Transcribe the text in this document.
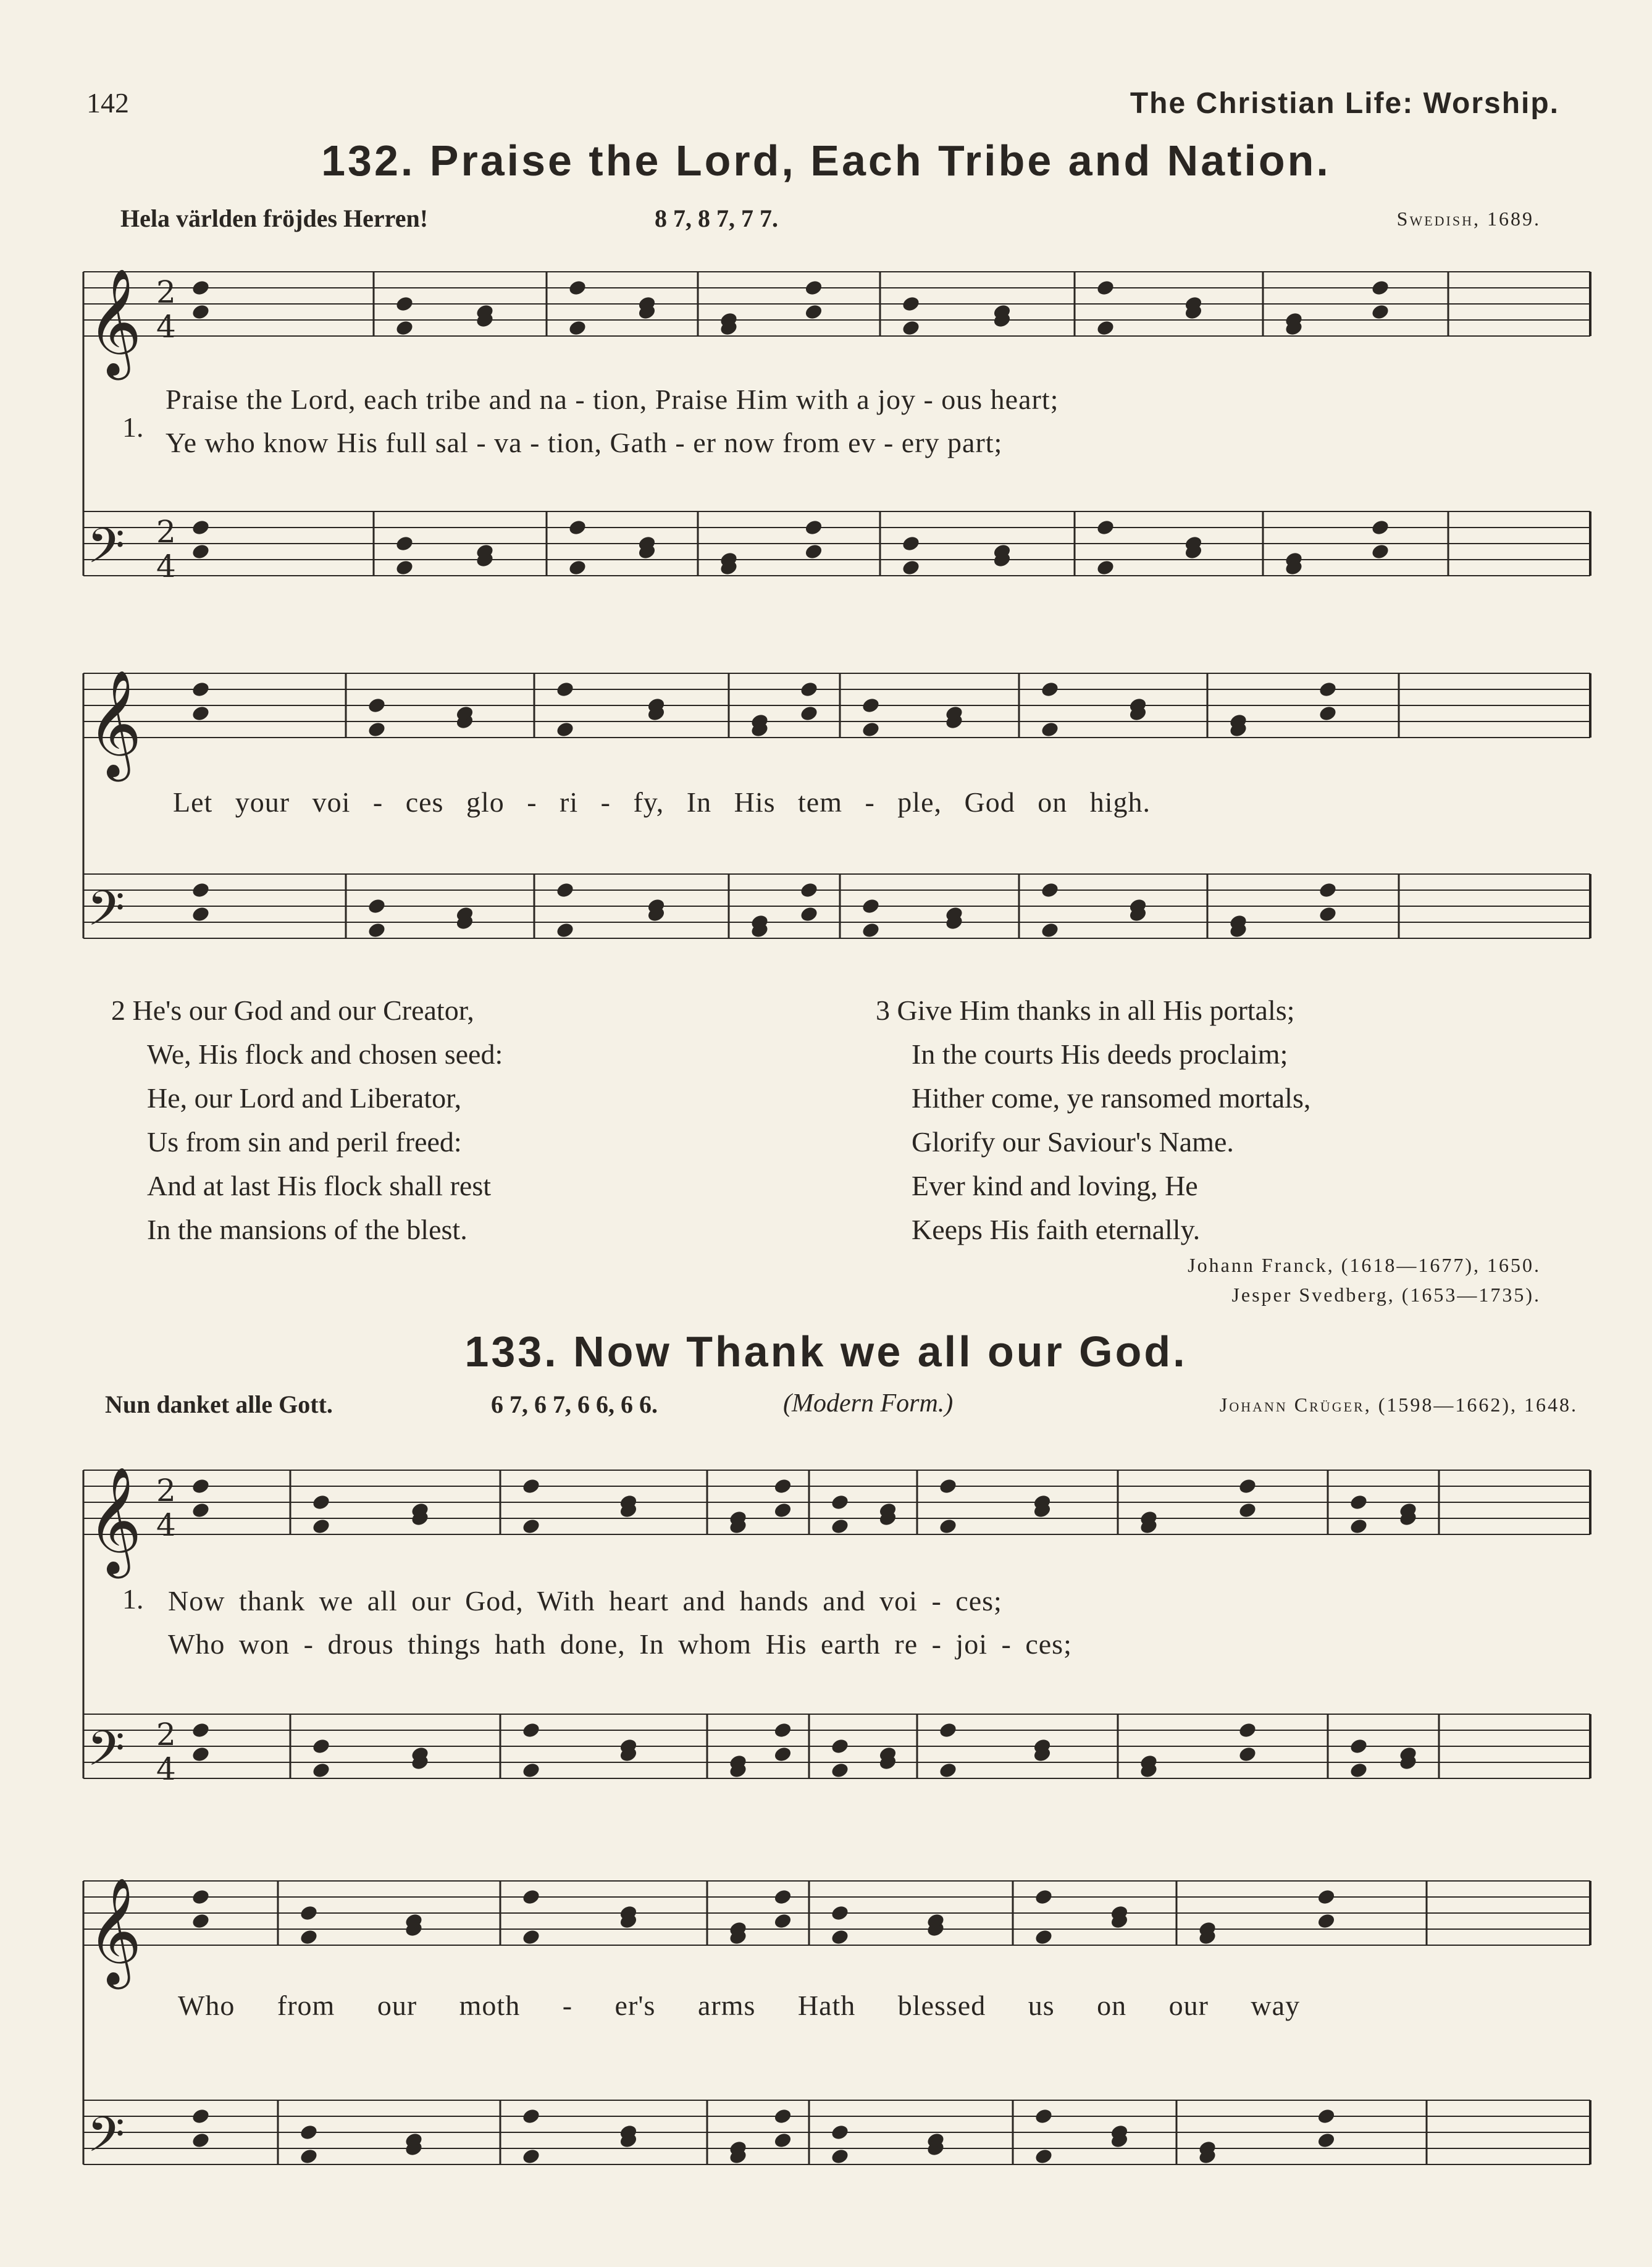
142	The Christian Life: Worship.
132. Praise the Lord, Each Tribe and Nation.
Hela världen fröjdes Herren!	8 7, 8 7, 7 7.	Swedish, 1689.
𝄞 2
4
𝄢 2
4
𝄞
𝄢
𝄞 2
4
𝄢 2
4
𝄞
𝄢
1.
Praise the Lord, each tribe and na - tion, Praise Him with a joy - ous heart;
Ye who know His full sal - va - tion, Gath - er now from ev - ery part;
Let your voi - ces glo - ri - fy, In His tem - ple, God on high.
2 He's our God and our Creator,
We, His flock and chosen seed:
He, our Lord and Liberator,
Us from sin and peril freed:
And at last His flock shall rest
In the mansions of the blest.
3 Give Him thanks in all His portals;
In the courts His deeds proclaim;
Hither come, ye ransomed mortals,
Glorify our Saviour's Name.
Ever kind and loving, He
Keeps His faith eternally.
Johann Franck, (1618—1677), 1650.
Jesper Svedberg, (1653—1735).
133. Now Thank we all our God.
Nun danket alle Gott.	6 7, 6 7, 6 6, 6 6.	(Modern Form.)	Johann Crüger, (1598—1662), 1648.
1. Now thank we all our God, With heart and hands and voi - ces;
Who won - drous things hath done, In whom His earth re - joi - ces;
Who from our moth - er's arms Hath blessed us on our way
